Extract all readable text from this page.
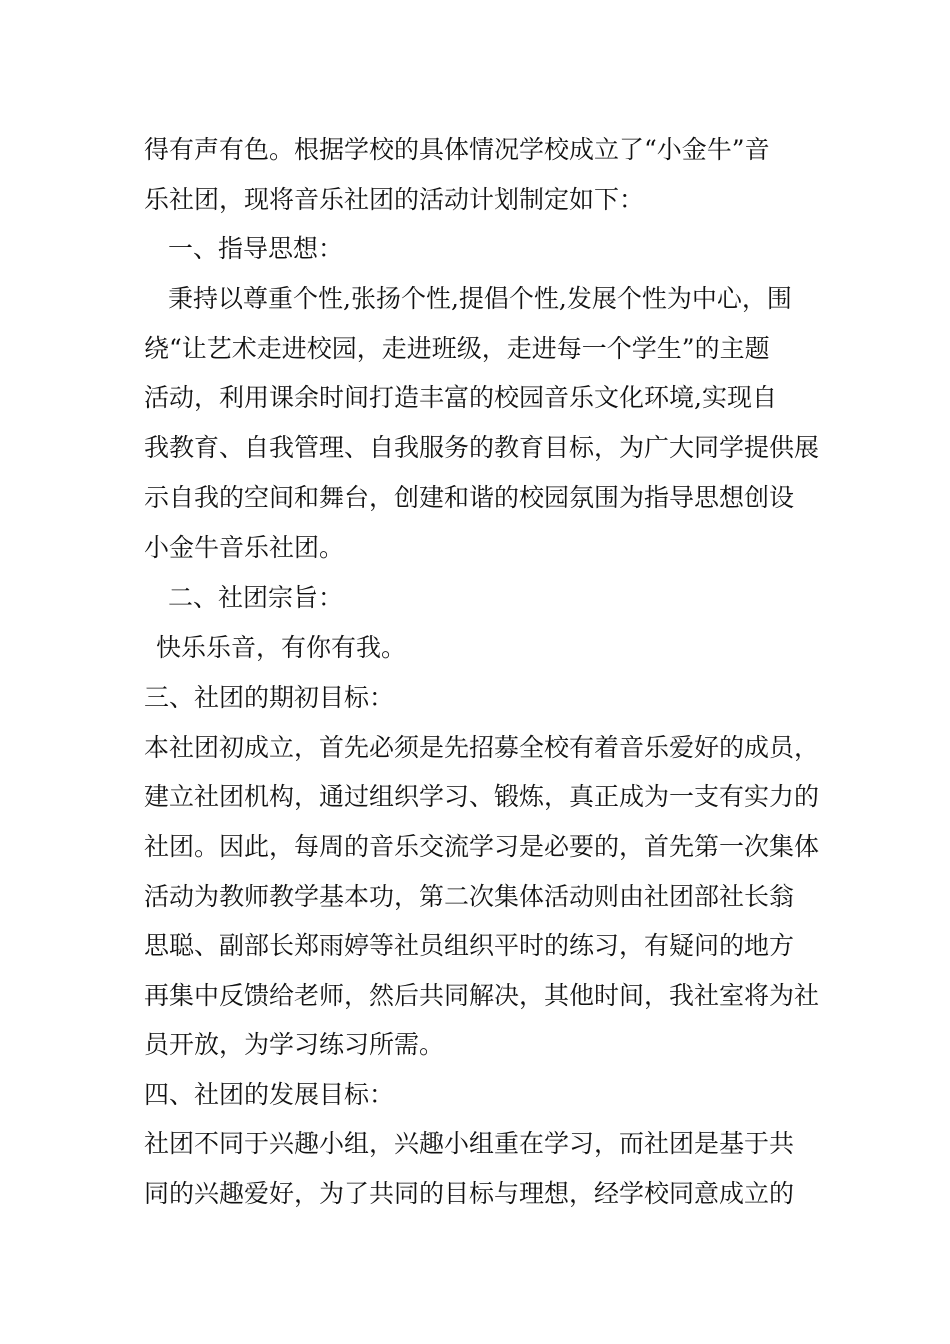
得有声有色。根据学校的具体情况学校成立了“小金牛”音
乐社团，现将音乐社团的活动计划制定如下：
一、指导思想：
秉持以尊重个性,张扬个性,提倡个性,发展个性为中心，围
绕“让艺术走进校园，走进班级，走进每一个学生”的主题
活动，利用课余时间打造丰富的校园音乐文化环境,实现自
我教育、自我管理、自我服务的教育目标，为广大同学提供展
示自我的空间和舞台，创建和谐的校园氛围为指导思想创设
小金牛音乐社团。
二、社团宗旨：
快乐乐音，有你有我。
三、社团的期初目标：
本社团初成立，首先必须是先招募全校有着音乐爱好的成员，
建立社团机构，通过组织学习、锻炼，真正成为一支有实力的
社团。因此，每周的音乐交流学习是必要的，首先第一次集体
活动为教师教学基本功，第二次集体活动则由社团部社长翁
思聪、副部长郑雨婷等社员组织平时的练习，有疑问的地方
再集中反馈给老师，然后共同解决，其他时间，我社室将为社
员开放，为学习练习所需。
四、社团的发展目标：
社团不同于兴趣小组，兴趣小组重在学习，而社团是基于共
同的兴趣爱好，为了共同的目标与理想，经学校同意成立的
